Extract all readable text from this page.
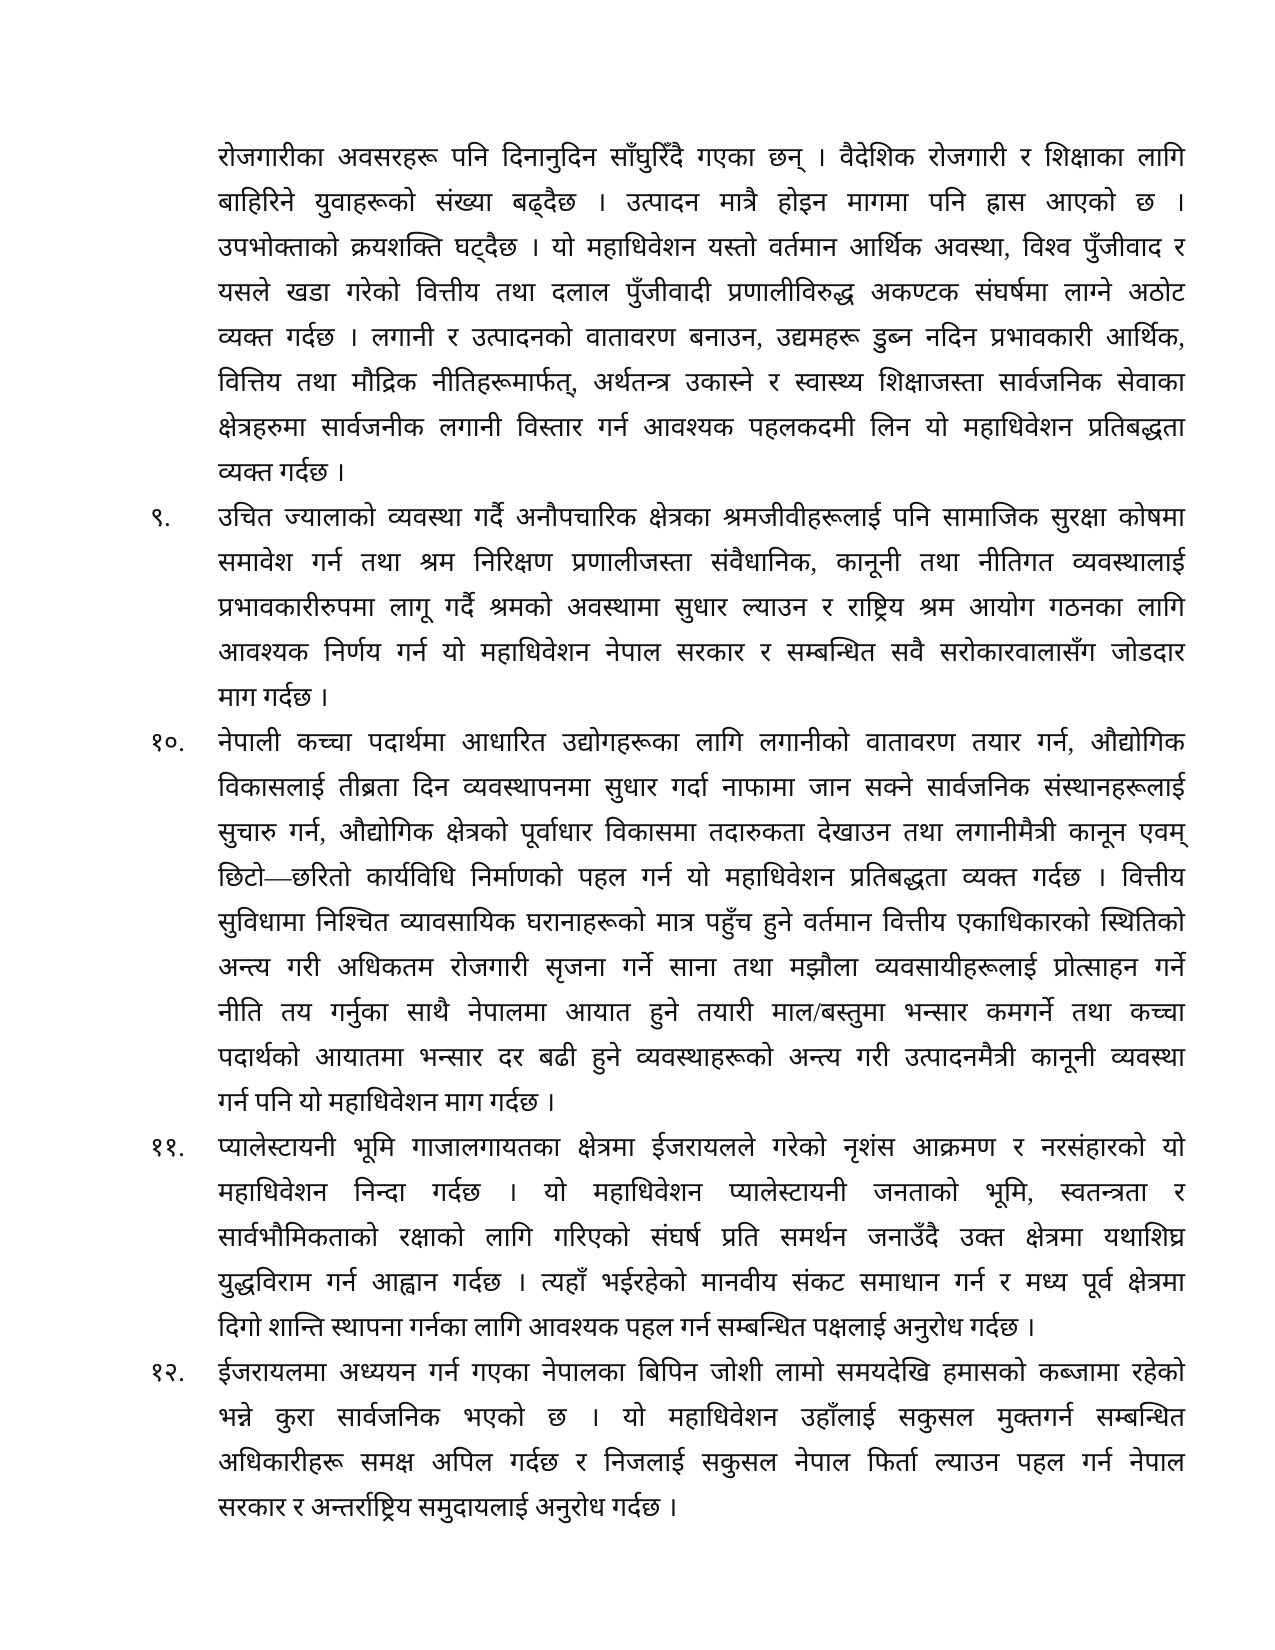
रोजगारीका अवसरहरू पनि दिनानुदिन साँघुरिँदै गएका छन् । वैदेशिक रोजगारी र शिक्षाका लागि
बाहिरिने युवाहरूको संख्या बढ्दैछ । उत्पादन मात्रै होइन मागमा पनि ह्रास आएको छ ।
उपभोक्ताको क्रयशक्ति घट्दैछ । यो महाधिवेशन यस्तो वर्तमान आर्थिक अवस्था, विश्व पुँजीवाद र
यसले खडा गरेको वित्तीय तथा दलाल पुँजीवादी प्रणालीविरुद्ध अकण्टक संघर्षमा लाग्ने अठोट
व्यक्त गर्दछ । लगानी र उत्पादनको वातावरण बनाउन, उद्यमहरू डुब्न नदिन प्रभावकारी आर्थिक,
वित्तिय तथा मौद्रिक नीतिहरूमार्फत्, अर्थतन्त्र उकास्ने र स्वास्थ्य शिक्षाजस्ता सार्वजनिक सेवाका
क्षेत्रहरुमा सार्वजनीक लगानी विस्तार गर्न आवश्यक पहलकदमी लिन यो महाधिवेशन प्रतिबद्धता
व्यक्त गर्दछ ।
९.	उचित ज्यालाको व्यवस्था गर्दै अनौपचारिक क्षेत्रका श्रमजीवीहरूलाई पनि सामाजिक सुरक्षा कोषमा
समावेश गर्न तथा श्रम निरिक्षण प्रणालीजस्ता संवैधानिक, कानूनी तथा नीतिगत व्यवस्थालाई
प्रभावकारीरुपमा लागू गर्दै श्रमको अवस्थामा सुधार ल्याउन र राष्ट्रिय श्रम आयोग गठनका लागि
आवश्यक निर्णय गर्न यो महाधिवेशन नेपाल सरकार र सम्बन्धित सवै सरोकारवालासँग जोडदार
माग गर्दछ ।
१०.	नेपाली कच्चा पदार्थमा आधारित उद्योगहरूका लागि लगानीको वातावरण तयार गर्न, औद्योगिक
विकासलाई तीब्रता दिन व्यवस्थापनमा सुधार गर्दा नाफामा जान सक्ने सार्वजनिक संस्थानहरूलाई
सुचारु गर्न, औद्योगिक क्षेत्रको पूर्वाधार विकासमा तदारुकता देखाउन तथा लगानीमैत्री कानून एवम्
छिटो—छरितो कार्यविधि निर्माणको पहल गर्न यो महाधिवेशन प्रतिबद्धता व्यक्त गर्दछ । वित्तीय
सुविधामा निश्चित व्यावसायिक घरानाहरूको मात्र पहुँच हुने वर्तमान वित्तीय एकाधिकारको स्थितिको
अन्त्य गरी अधिकतम रोजगारी सृजना गर्ने साना तथा मझौला व्यवसायीहरूलाई प्रोत्साहन गर्ने
नीति तय गर्नुका साथै नेपालमा आयात हुने तयारी माल/बस्तुमा भन्सार कमगर्ने तथा कच्चा
पदार्थको आयातमा भन्सार दर बढी हुने व्यवस्थाहरूको अन्त्य गरी उत्पादनमैत्री कानूनी व्यवस्था
गर्न पनि यो महाधिवेशन माग गर्दछ ।
११.	प्यालेस्टायनी भूमि गाजालगायतका क्षेत्रमा ईजरायलले गरेको नृशंस आक्रमण र नरसंहारको यो
महाधिवेशन निन्दा गर्दछ । यो महाधिवेशन प्यालेस्टायनी जनताको भूमि, स्वतन्त्रता र
सार्वभौमिकताको रक्षाको लागि गरिएको संघर्ष प्रति समर्थन जनाउँदै उक्त क्षेत्रमा यथाशिघ्र
युद्धविराम गर्न आह्वान गर्दछ । त्यहाँ भईरहेको मानवीय संकट समाधान गर्न र मध्य पूर्व क्षेत्रमा
दिगो शान्ति स्थापना गर्नका लागि आवश्यक पहल गर्न सम्बन्धित पक्षलाई अनुरोध गर्दछ ।
१२.	ईजरायलमा अध्ययन गर्न गएका नेपालका बिपिन जोशी लामो समयदेखि हमासको कब्जामा रहेको
भन्ने कुरा सार्वजनिक भएको छ । यो महाधिवेशन उहाँलाई सकुसल मुक्तगर्न सम्बन्धित
अधिकारीहरू समक्ष अपिल गर्दछ र निजलाई सकुसल नेपाल फिर्ता ल्याउन पहल गर्न नेपाल
सरकार र अन्तर्राष्ट्रिय समुदायलाई अनुरोध गर्दछ ।
